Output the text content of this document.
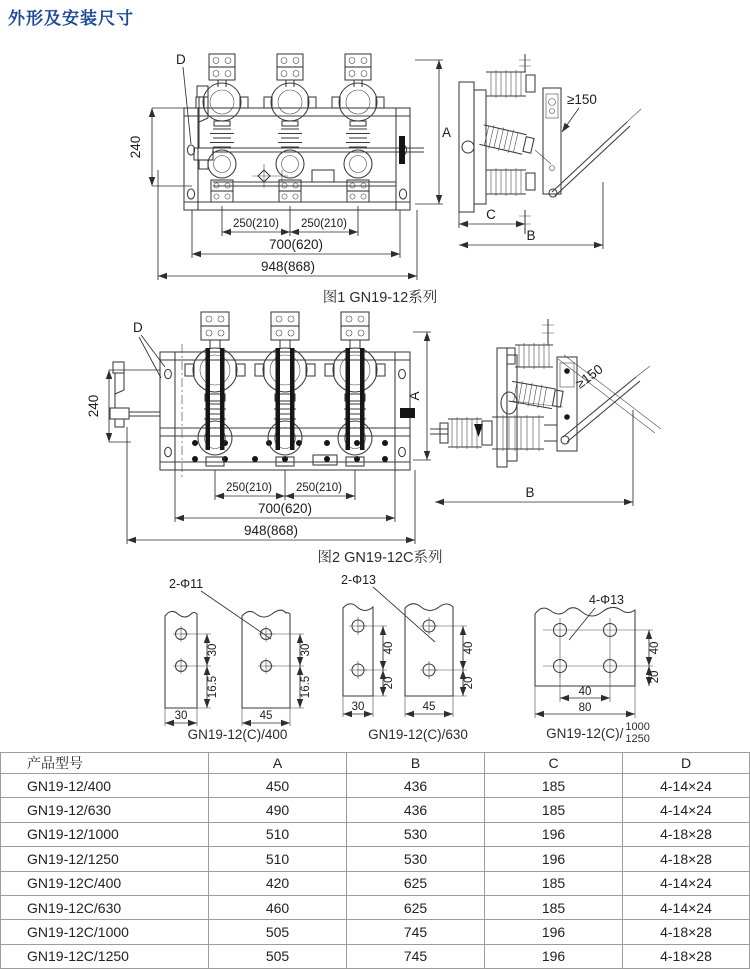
外形及安装尺寸
D
240
A
250(210) 250(210)
700(620)
948(868)
≥150
C
B
图1 GN19-12系列
D
240	A
250(210) 250(210)
700(620)
948(868)
≥150
B
图2 GN19-12C系列
2-Φ11
30
16.5
30
30
16.5
45
GN19-12(C)/400
2-Φ13
40
20
30
40
20
45
GN19-12(C)/630
4-Φ13
40
20
40
80
GN19-12(C)/ 1000
1250
产品型号	A	B	C	D
GN19-12/400	450	436	185	4-14×24
GN19-12/630	490	436	185	4-14×24
GN19-12/1000	510	530	196	4-18×28
GN19-12/1250	510	530	196	4-18×28
GN19-12C/400	420	625	185	4-14×24
GN19-12C/630	460	625	185	4-14×24
GN19-12C/1000	505	745	196	4-18×28
GN19-12C/1250	505	745	196	4-18×28
